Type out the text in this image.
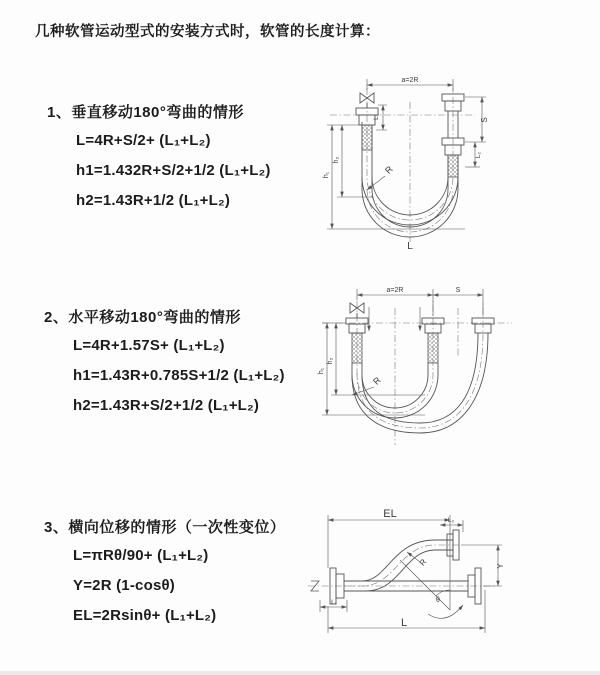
几种软管运动型式的安装方式时，软管的长度计算：
1、垂直移动180°弯曲的情形
L=4R+S/2+ (L₁+L₂)
h1=1.432R+S/2+1/2 (L₁+L₂)
h2=1.43R+1/2 (L₁+L₂)
2、水平移动180°弯曲的情形
L=4R+1.57S+ (L₁+L₂)
h1=1.43R+0.785S+1/2 (L₁+L₂)
h2=1.43R+S/2+1/2 (L₁+L₂)
3、横向位移的情形（一次性变位）
L=πRθ/90+ (L₁+L₂)
Y=2R (1-cosθ)
EL=2Rsinθ+ (L₁+L₂)
a=2R
L₁
S
L₂
h₁
h₂
R
L
a=2R	S
h₁
h₂
R
EL
L₂
Y
R
θ
L₁
L
